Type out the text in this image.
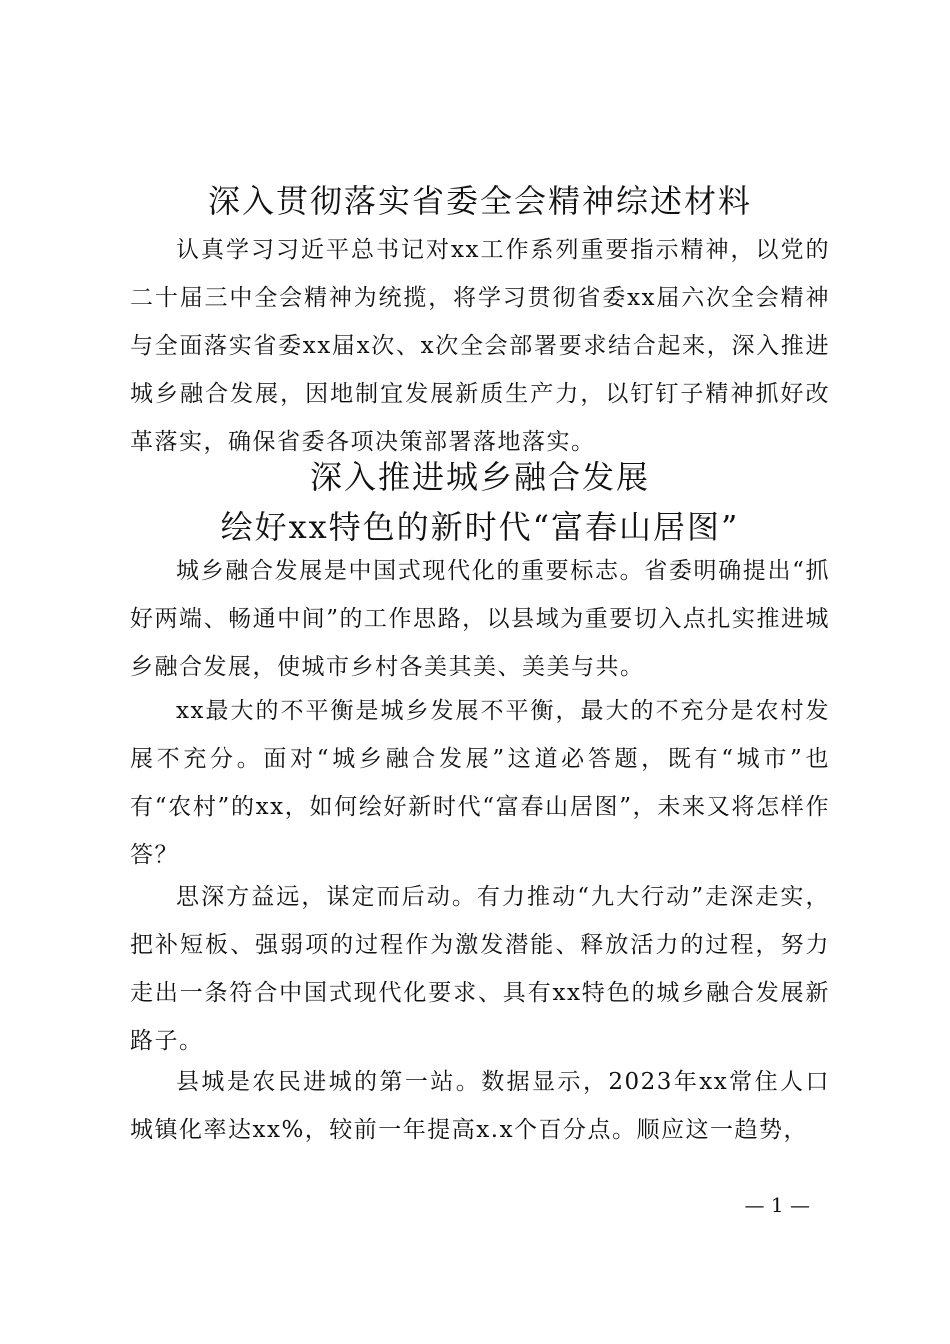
深入贯彻落实省委全会精神综述材料

认真学习习近平总书记对xx工作系列重要指示精神，以党的二十届三中全会精神为统揽，将学习贯彻省委xx届六次全会精神与全面落实省委xx届x次、x次全会部署要求结合起来，深入推进城乡融合发展，因地制宜发展新质生产力，以钉钉子精神抓好改革落实，确保省委各项决策部署落地落实。

深入推进城乡融合发展
绘好xx特色的新时代“富春山居图”

城乡融合发展是中国式现代化的重要标志。省委明确提出“抓好两端、畅通中间”的工作思路，以县域为重要切入点扎实推进城乡融合发展，使城市乡村各美其美、美美与共。

xx最大的不平衡是城乡发展不平衡，最大的不充分是农村发展不充分。面对“城乡融合发展”这道必答题，既有“城市”也有“农村”的xx，如何绘好新时代“富春山居图”，未来又将怎样作答？

思深方益远，谋定而后动。有力推动“九大行动”走深走实，把补短板、强弱项的过程作为激发潜能、释放活力的过程，努力走出一条符合中国式现代化要求、具有xx特色的城乡融合发展新路子。

县城是农民进城的第一站。数据显示，2023年xx常住人口城镇化率达xx%，较前一年提高x.x个百分点。顺应这一趋势，

— 1 —
